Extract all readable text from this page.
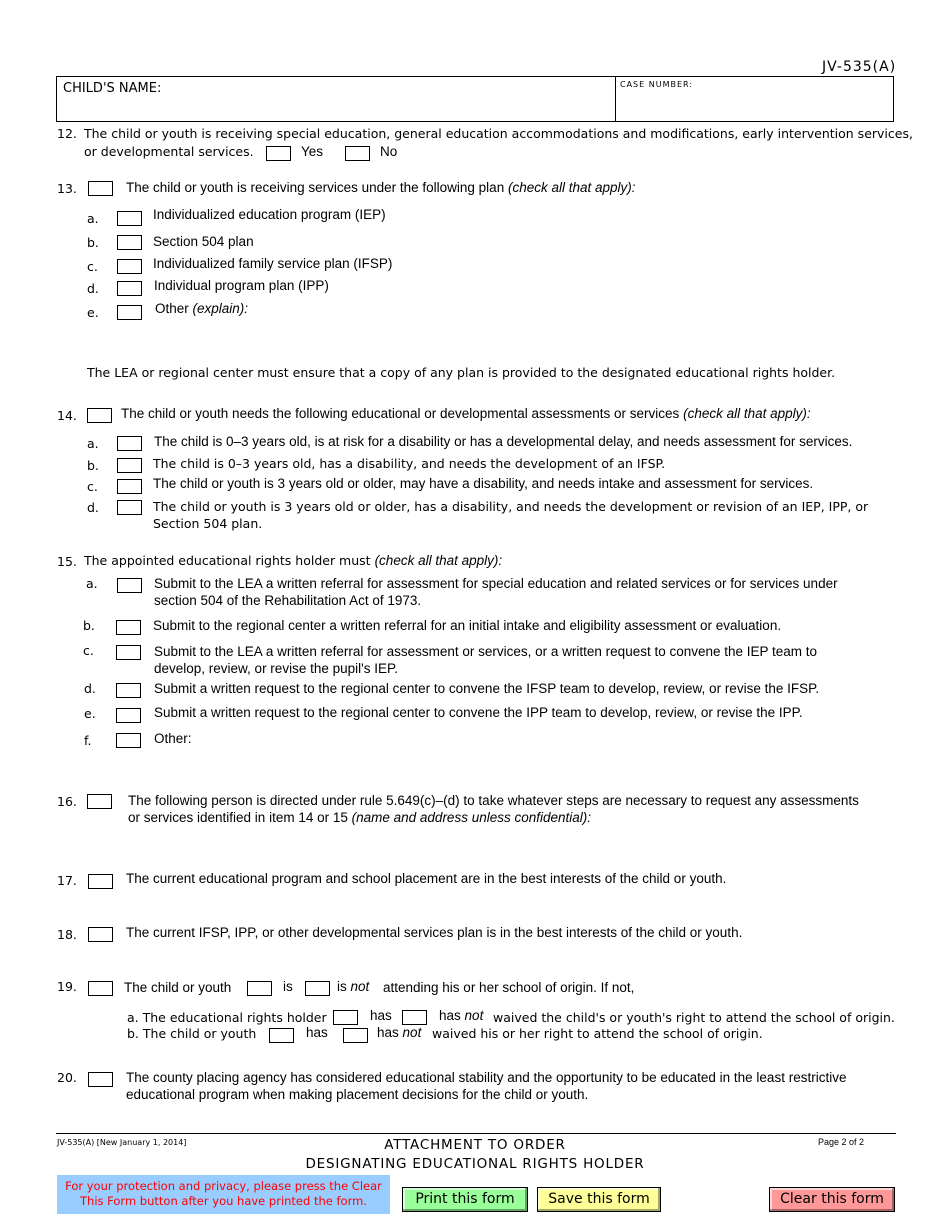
JV-535(A)
CHILD'S NAME:	CASE NUMBER:
12. The child or youth is receiving special education, general education accommodations and modifications, early intervention services,
or developmental services.	Yes	No
13.	The child or youth is receiving services under the following plan (check all that apply):
a.	Individualized education program (IEP)
b.	Section 504 plan
c.	Individualized family service plan (IFSP)
d.	Individual program plan (IPP)
e.	Other (explain):
The LEA or regional center must ensure that a copy of any plan is provided to the designated educational rights holder.
14.	The child or youth needs the following educational or developmental assessments or services (check all that apply):
a.	The child is 0–3 years old, is at risk for a disability or has a developmental delay, and needs assessment for services.
b.	The child is 0–3 years old, has a disability, and needs the development of an IFSP.
c.	The child or youth is 3 years old or older, may have a disability, and needs intake and assessment for services.
d.	The child or youth is 3 years old or older, has a disability, and needs the development or revision of an IEP, IPP, or
Section 504 plan.
15. The appointed educational rights holder must (check all that apply):
a.	Submit to the LEA a written referral for assessment for special education and related services or for services under
section 504 of the Rehabilitation Act of 1973.
b.	Submit to the regional center a written referral for an initial intake and eligibility assessment or evaluation.
c.	Submit to the LEA a written referral for assessment or services, or a written request to convene the IEP team to
develop, review, or revise the pupil's IEP.
d.	Submit a written request to the regional center to convene the IFSP team to develop, review, or revise the IFSP.
e.	Submit a written request to the regional center to convene the IPP team to develop, review, or revise the IPP.
f.	Other:
16.	The following person is directed under rule 5.649(c)–(d) to take whatever steps are necessary to request any assessments
or services identified in item 14 or 15 (name and address unless confidential):
17.	The current educational program and school placement are in the best interests of the child or youth.
18.	The current IFSP, IPP, or other developmental services plan is in the best interests of the child or youth.
19.	The child or youth	is	is not attending his or her school of origin. If not,
a. The educational rights holder	has	has not waived the child's or youth's right to attend the school of origin.
b. The child or youth	has	has not waived his or her right to attend the school of origin.
20.	The county placing agency has considered educational stability and the opportunity to be educated in the least restrictive
educational program when making placement decisions for the child or youth.
JV-535(A) [New January 1, 2014]	ATTACHMENT TO ORDER
DESIGNATING EDUCATIONAL RIGHTS HOLDER
Page 2 of 2
For your protection and privacy, please press the Clear This Form button after you have printed the form.	Print this form	Save this form	Clear this form
